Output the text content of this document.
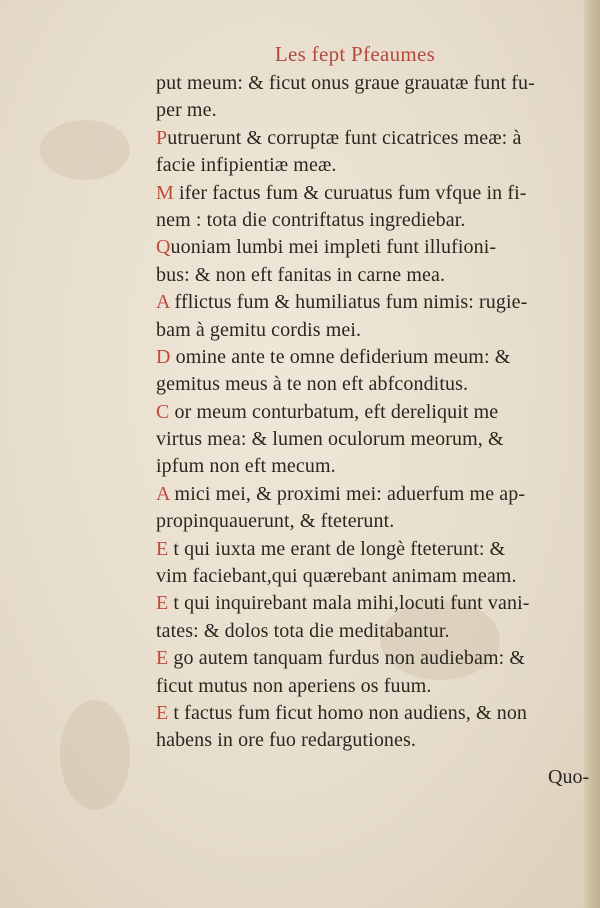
Les fept Pfeaumes
put meum: & ficut onus graue grauatæ funt fu-
per me.
Putruerunt & corruptæ funt cicatrices meæ: à
facie infipientiæ meæ.
M ifer factus fum & curuatus fum vfque in fi-
nem : tota die contriftatus ingrediebar.
Quoniam lumbi mei impleti funt illufioni-
bus: & non eft fanitas in carne mea.
A fflictus fum & humiliatus fum nimis: rugie-
bam à gemitu cordis mei.
D omine ante te omne defiderium meum: &
gemitus meus à te non eft abfconditus.
C or meum conturbatum, eft dereliquit me
virtus mea: & lumen oculorum meorum, &
ipfum non eft mecum.
A mici mei, & proximi mei: aduerfum me ap-
propinquauerunt, & fteterunt.
E t qui iuxta me erant de longè fteterunt: &
vim faciebant,qui quærebant animam meam.
E t qui inquirebant mala mihi,locuti funt vani-
tates: & dolos tota die meditabantur.
E go autem tanquam furdus non audiebam: &
ficut mutus non aperiens os fuum.
E t factus fum ficut homo non audiens, & non
habens in ore fuo redargutiones.
Quo-
